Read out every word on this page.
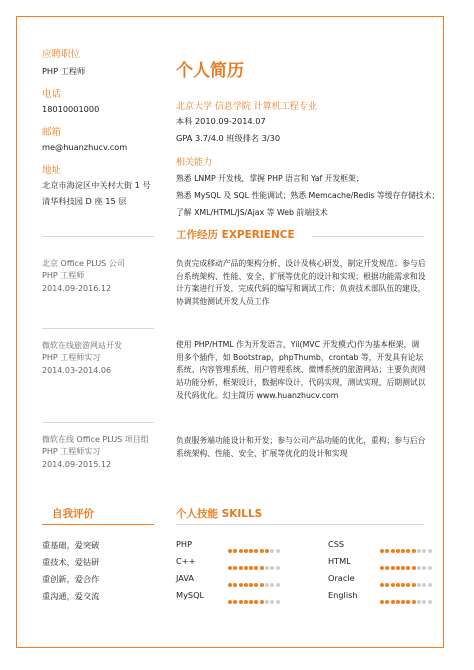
应聘职位
PHP 工程师
电话
18010001000
邮箱
me@huanzhucv.com
地址
北京市海淀区中关村大街 1 号
清华科技园 D 座 15 层
个人简历
北京大学 信息学院 计算机工程专业
本科 2010.09-2014.07
GPA 3.7/4.0 班级排名 3/30
相关能力
熟悉 LNMP 开发栈，掌握 PHP 语言和 Yaf 开发框架；
熟悉 MySQL 及 SQL 性能调试；熟悉 Memcache/Redis 等缓存存储技术；
了解 XML/HTML/JS/Ajax 等 Web 前端技术
工作经历 EXPERIENCE
北京 Office PLUS 公司
PHP 工程师
2014.09-2016.12
负责完成移动产品的架构分析、设计及核心研发，制定开发规范；参与后台系统架构、性能、安全、扩展等优化的设计和实现；根据功能需求和设计方案进行开发，完成代码的编写和调试工作；负责技术部队伍的建设，协调其他测试开发人员工作
微软在线旅游网站开发
PHP 工程师实习
2014.03-2014.06
使用 PHP/HTML 作为开发语言，Yii(MVC 开发模式)作为基本框架，调用多个插件，如 Bootstrap，phpThumb，crontab 等，开发具有论坛系统、内容管理系统、用户管理系统、微博系统的旅游网站；主要负责网站功能分析，框架设计，数据库设计，代码实现，测试实现，后期测试以及代码优化。幻主简历 www.huanzhucv.com
微软在线 Office PLUS 项目组
PHP 工程师实习
2014.09-2015.12
负责服务端功能设计和开发；参与公司产品功能的优化，重构；参与后台系统架构、性能、安全、扩展等优化的设计和实现
自我评价
重基础，爱突破
重技术，爱钻研
重创新，爱合作
重沟通，爱交流
个人技能 SKILLS
PHP	CSS
C++	HTML
JAVA	Oracle
MySQL	English
